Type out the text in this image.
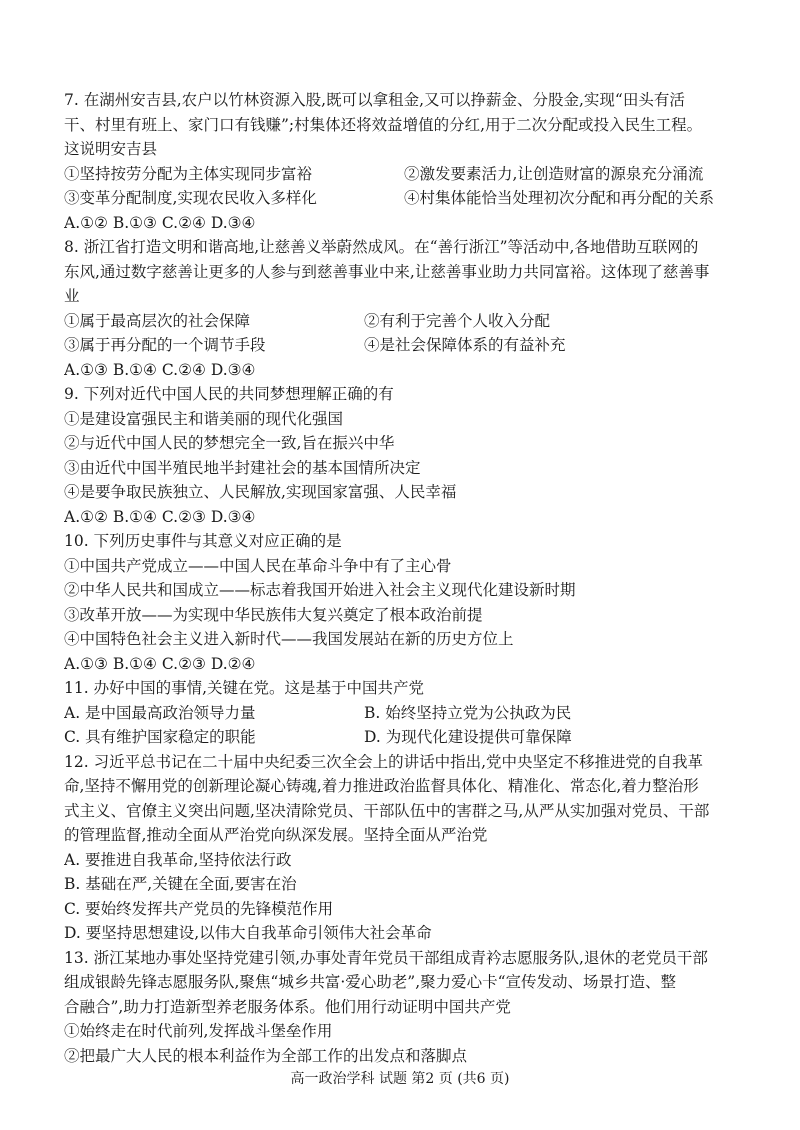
7. 在湖州安吉县,农户以竹林资源入股,既可以拿租金,又可以挣薪金、分股金,实现“田头有活
干、村里有班上、家门口有钱赚”;村集体还将效益增值的分红,用于二次分配或投入民生工程。
这说明安吉县
①坚持按劳分配为主体实现同步富裕	②激发要素活力,让创造财富的源泉充分涌流
③变革分配制度,实现农民收入多样化	④村集体能恰当处理初次分配和再分配的关系
A.①② B.①③ C.②④ D.③④
8. 浙江省打造文明和谐高地,让慈善义举蔚然成风。在“善行浙江”等活动中,各地借助互联网的
东风,通过数字慈善让更多的人参与到慈善事业中来,让慈善事业助力共同富裕。这体现了慈善事
业
①属于最高层次的社会保障	②有利于完善个人收入分配
③属于再分配的一个调节手段	④是社会保障体系的有益补充
A.①③ B.①④ C.②④ D.③④
9. 下列对近代中国人民的共同梦想理解正确的有
①是建设富强民主和谐美丽的现代化强国
②与近代中国人民的梦想完全一致,旨在振兴中华
③由近代中国半殖民地半封建社会的基本国情所决定
④是要争取民族独立、人民解放,实现国家富强、人民幸福
A.①② B.①④ C.②③ D.③④
10. 下列历史事件与其意义对应正确的是
①中国共产党成立——中国人民在革命斗争中有了主心骨
②中华人民共和国成立——标志着我国开始进入社会主义现代化建设新时期
③改革开放——为实现中华民族伟大复兴奠定了根本政治前提
④中国特色社会主义进入新时代——我国发展站在新的历史方位上
A.①③ B.①④ C.②③ D.②④
11. 办好中国的事情,关键在党。这是基于中国共产党
A. 是中国最高政治领导力量	B. 始终坚持立党为公执政为民
C. 具有维护国家稳定的职能	D. 为现代化建设提供可靠保障
12. 习近平总书记在二十届中央纪委三次全会上的讲话中指出,党中央坚定不移推进党的自我革
命,坚持不懈用党的创新理论凝心铸魂,着力推进政治监督具体化、精准化、常态化,着力整治形
式主义、官僚主义突出问题,坚决清除党员、干部队伍中的害群之马,从严从实加强对党员、干部
的管理监督,推动全面从严治党向纵深发展。坚持全面从严治党
A. 要推进自我革命,坚持依法行政
B. 基础在严,关键在全面,要害在治
C. 要始终发挥共产党员的先锋模范作用
D. 要坚持思想建设,以伟大自我革命引领伟大社会革命
13. 浙江某地办事处坚持党建引领,办事处青年党员干部组成青衿志愿服务队,退休的老党员干部
组成银龄先锋志愿服务队,聚焦“城乡共富·爱心助老”,聚力爱心卡“宣传发动、场景打造、整
合融合”,助力打造新型养老服务体系。他们用行动证明中国共产党
①始终走在时代前列,发挥战斗堡垒作用
②把最广大人民的根本利益作为全部工作的出发点和落脚点
高一政治学科 试题 第2 页 (共6 页)
